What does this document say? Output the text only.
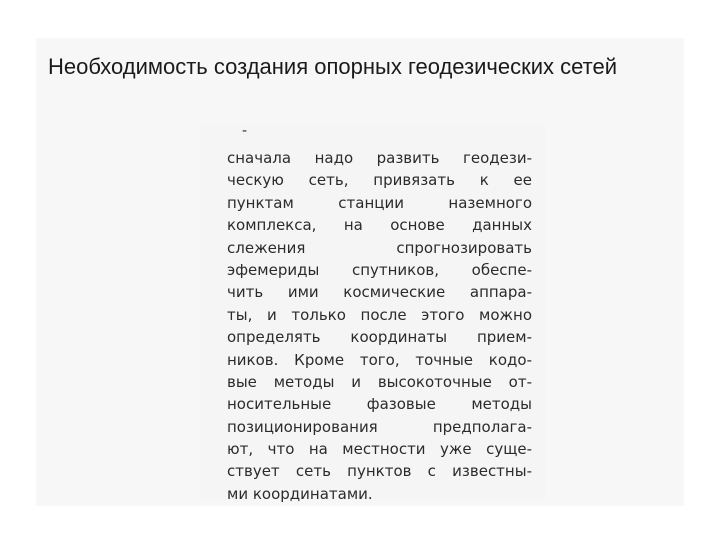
Необходимость создания опорных геодезических сетей

-

сначала надо развить геодези-
ческую сеть, привязать к ее
пунктам станции наземного
комплекса, на основе данных
слежения спрогнозировать
эфемериды спутников, обеспе-
чить ими космические аппара-
ты, и только после этого можно
определять координаты прием-
ников. Кроме того, точные кодо-
вые методы и высокоточные от-
носительные фазовые методы
позиционирования предполага-
ют, что на местности уже суще-
ствует сеть пунктов с известны-
ми координатами.
